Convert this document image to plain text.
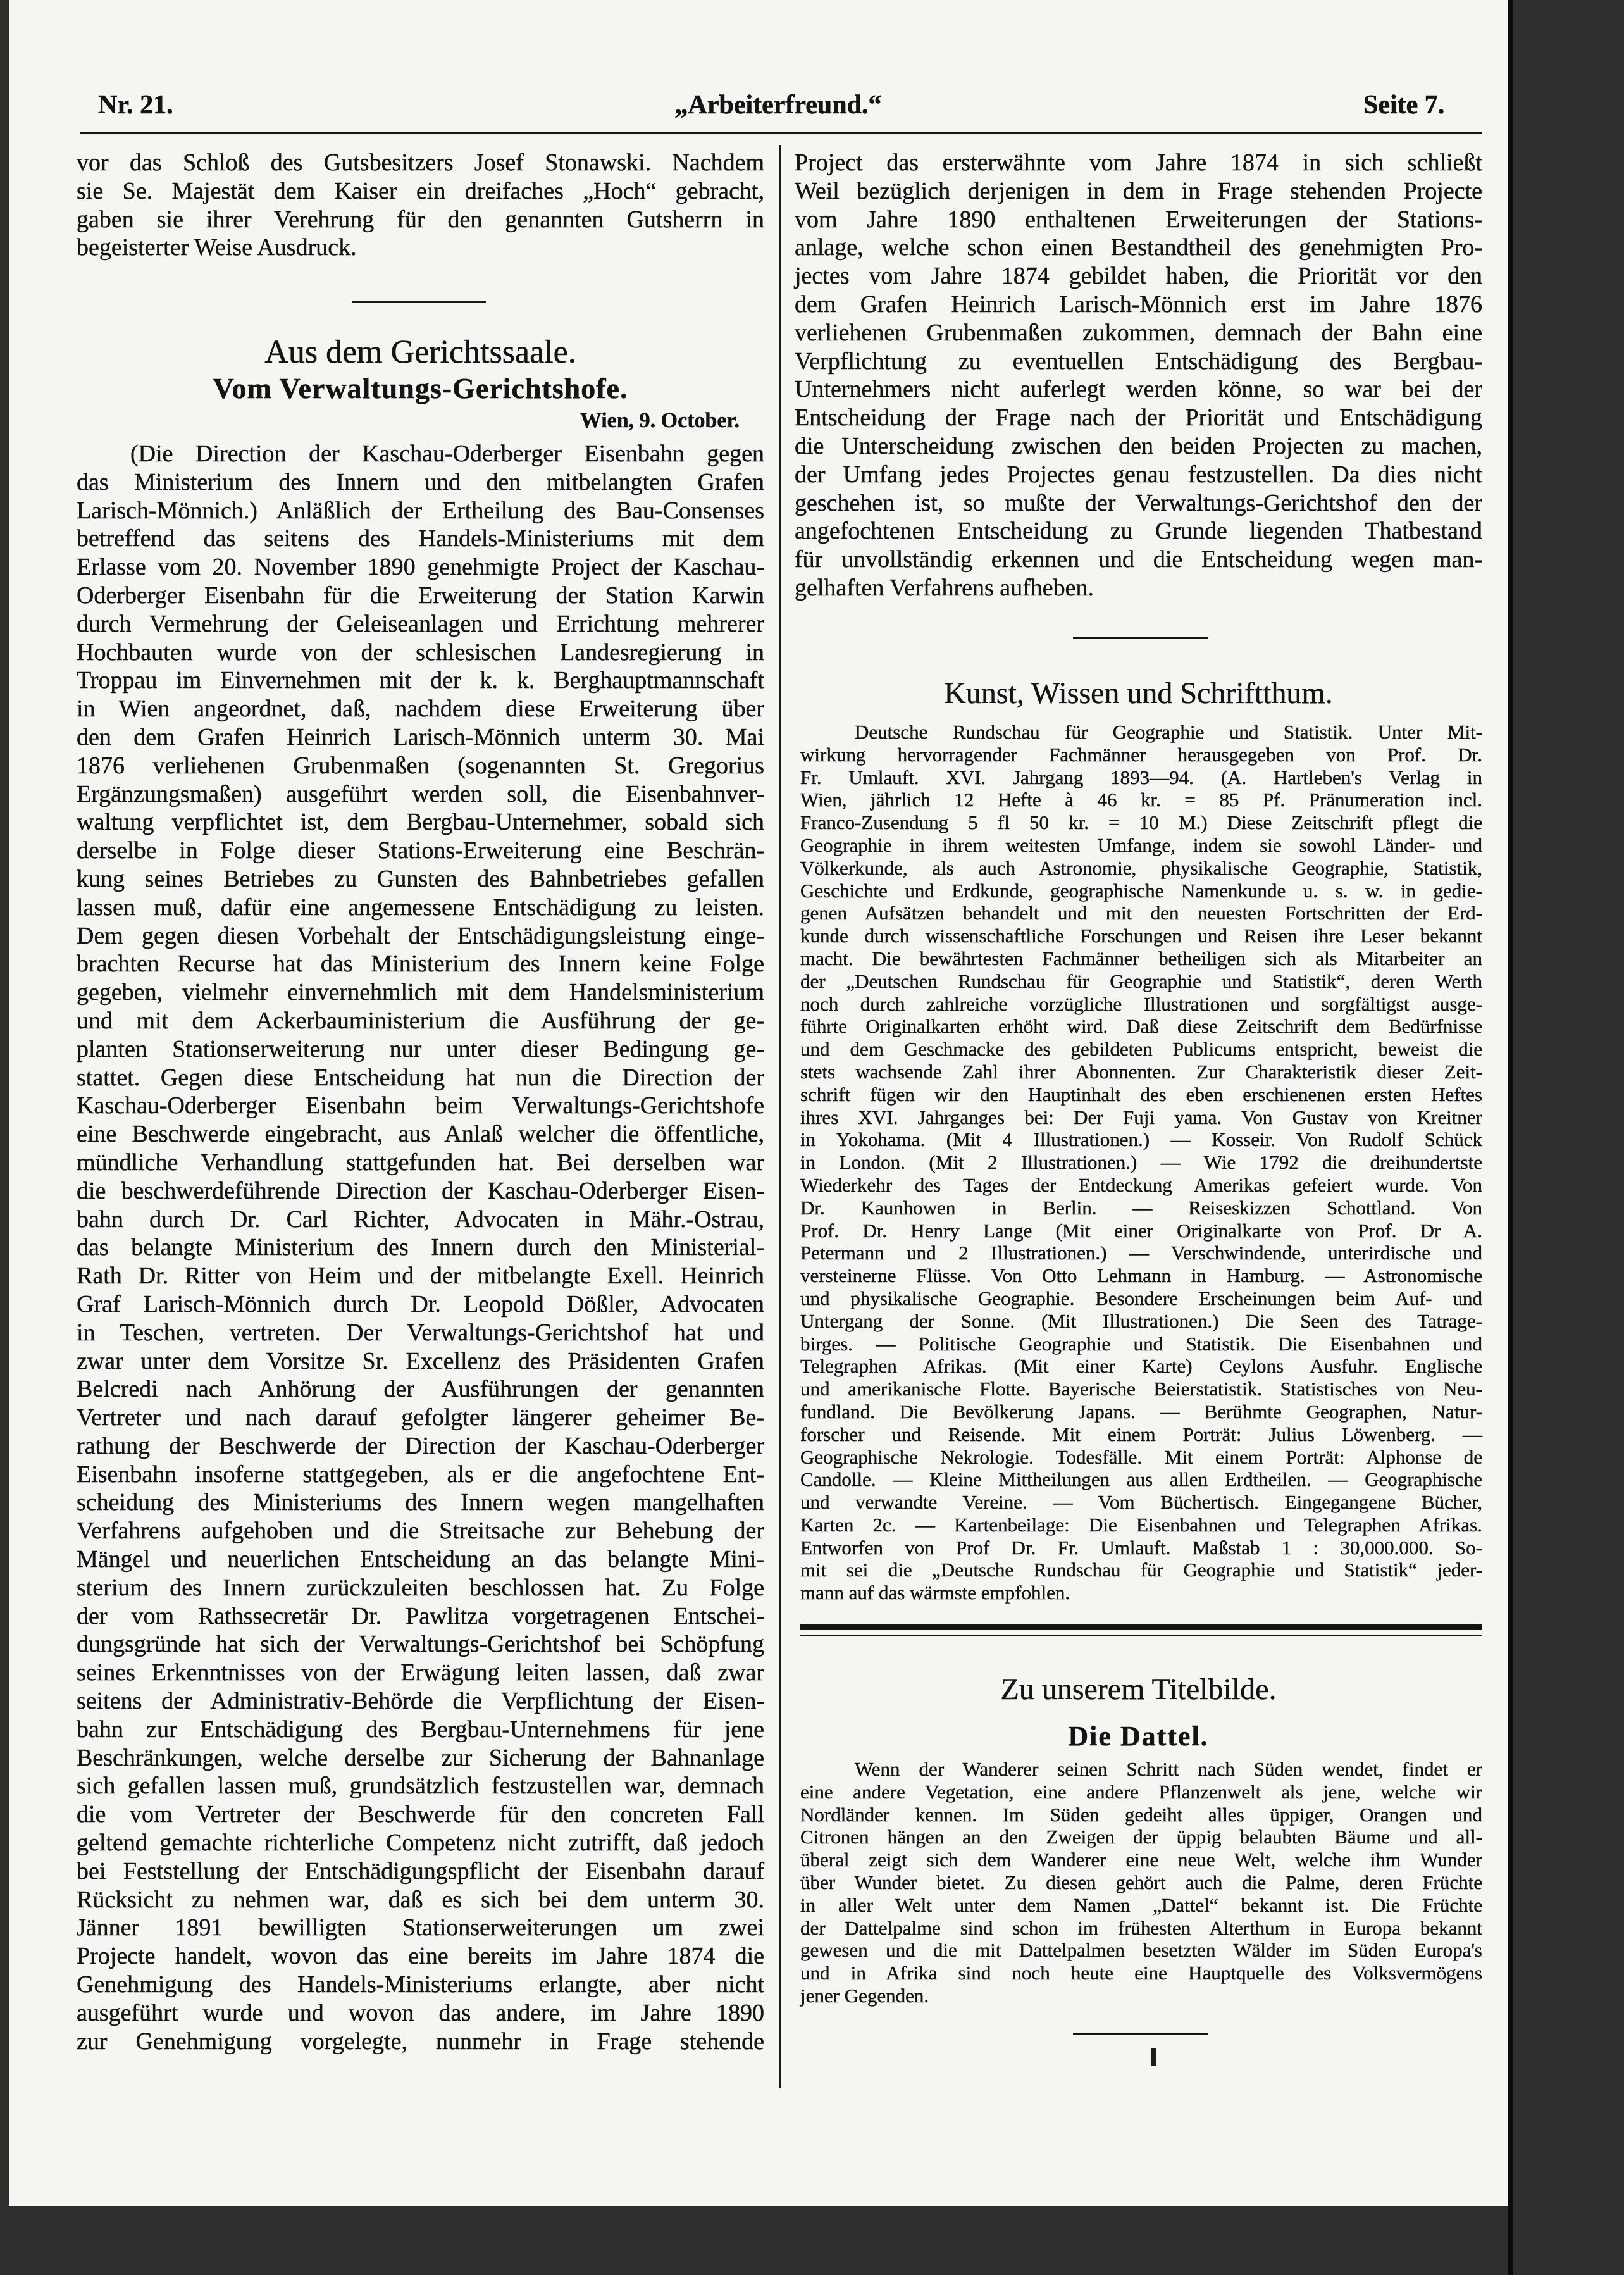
Nr. 21.	„Arbeiterfreund.“	Seite 7.
vor das Schloß des Gutsbesitzers Josef Stonawski. Nachdem
sie Se. Majestät dem Kaiser ein dreifaches „Hoch“ gebracht,
gaben sie ihrer Verehrung für den genannten Gutsherrn in
begeisterter Weise Ausdruck.
Aus dem Gerichtssaale.
Vom Verwaltungs-Gerichtshofe.
Wien, 9. October.
(Die Direction der Kaschau-Oderberger Eisenbahn gegen
das Ministerium des Innern und den mitbelangten Grafen
Larisch-Mönnich.) Anläßlich der Ertheilung des Bau-Consenses
betreffend das seitens des Handels-Ministeriums mit dem
Erlasse vom 20. November 1890 genehmigte Project der Kaschau-
Oderberger Eisenbahn für die Erweiterung der Station Karwin
durch Vermehrung der Geleiseanlagen und Errichtung mehrerer
Hochbauten wurde von der schlesischen Landesregierung in
Troppau im Einvernehmen mit der k. k. Berghauptmannschaft
in Wien angeordnet, daß, nachdem diese Erweiterung über
den dem Grafen Heinrich Larisch-Mönnich unterm 30. Mai
1876 verliehenen Grubenmaßen (sogenannten St. Gregorius
Ergänzungsmaßen) ausgeführt werden soll, die Eisenbahnver-
waltung verpflichtet ist, dem Bergbau-Unternehmer, sobald sich
derselbe in Folge dieser Stations-Erweiterung eine Beschrän-
kung seines Betriebes zu Gunsten des Bahnbetriebes gefallen
lassen muß, dafür eine angemessene Entschädigung zu leisten.
Dem gegen diesen Vorbehalt der Entschädigungsleistung einge-
brachten Recurse hat das Ministerium des Innern keine Folge
gegeben, vielmehr einvernehmlich mit dem Handelsministerium
und mit dem Ackerbauministerium die Ausführung der ge-
planten Stationserweiterung nur unter dieser Bedingung ge-
stattet. Gegen diese Entscheidung hat nun die Direction der
Kaschau-Oderberger Eisenbahn beim Verwaltungs-Gerichtshofe
eine Beschwerde eingebracht, aus Anlaß welcher die öffentliche,
mündliche Verhandlung stattgefunden hat. Bei derselben war
die beschwerdeführende Direction der Kaschau-Oderberger Eisen-
bahn durch Dr. Carl Richter, Advocaten in Mähr.-Ostrau,
das belangte Ministerium des Innern durch den Ministerial-
Rath Dr. Ritter von Heim und der mitbelangte Exell. Heinrich
Graf Larisch-Mönnich durch Dr. Leopold Dößler, Advocaten
in Teschen, vertreten. Der Verwaltungs-Gerichtshof hat und
zwar unter dem Vorsitze Sr. Excellenz des Präsidenten Grafen
Belcredi nach Anhörung der Ausführungen der genannten
Vertreter und nach darauf gefolgter längerer geheimer Be-
rathung der Beschwerde der Direction der Kaschau-Oderberger
Eisenbahn insoferne stattgegeben, als er die angefochtene Ent-
scheidung des Ministeriums des Innern wegen mangelhaften
Verfahrens aufgehoben und die Streitsache zur Behebung der
Mängel und neuerlichen Entscheidung an das belangte Mini-
sterium des Innern zurückzuleiten beschlossen hat. Zu Folge
der vom Rathssecretär Dr. Pawlitza vorgetragenen Entschei-
dungsgründe hat sich der Verwaltungs-Gerichtshof bei Schöpfung
seines Erkenntnisses von der Erwägung leiten lassen, daß zwar
seitens der Administrativ-Behörde die Verpflichtung der Eisen-
bahn zur Entschädigung des Bergbau-Unternehmens für jene
Beschränkungen, welche derselbe zur Sicherung der Bahnanlage
sich gefallen lassen muß, grundsätzlich festzustellen war, demnach
die vom Vertreter der Beschwerde für den concreten Fall
geltend gemachte richterliche Competenz nicht zutrifft, daß jedoch
bei Feststellung der Entschädigungspflicht der Eisenbahn darauf
Rücksicht zu nehmen war, daß es sich bei dem unterm 30.
Jänner 1891 bewilligten Stationserweiterungen um zwei
Projecte handelt, wovon das eine bereits im Jahre 1874 die
Genehmigung des Handels-Ministeriums erlangte, aber nicht
ausgeführt wurde und wovon das andere, im Jahre 1890
zur Genehmigung vorgelegte, nunmehr in Frage stehende
Project das ersterwähnte vom Jahre 1874 in sich schließt
Weil bezüglich derjenigen in dem in Frage stehenden Projecte
vom Jahre 1890 enthaltenen Erweiterungen der Stations-
anlage, welche schon einen Bestandtheil des genehmigten Pro-
jectes vom Jahre 1874 gebildet haben, die Priorität vor den
dem Grafen Heinrich Larisch-Mönnich erst im Jahre 1876
verliehenen Grubenmaßen zukommen, demnach der Bahn eine
Verpflichtung zu eventuellen Entschädigung des Bergbau-
Unternehmers nicht auferlegt werden könne, so war bei der
Entscheidung der Frage nach der Priorität und Entschädigung
die Unterscheidung zwischen den beiden Projecten zu machen,
der Umfang jedes Projectes genau festzustellen. Da dies nicht
geschehen ist, so mußte der Verwaltungs-Gerichtshof den der
angefochtenen Entscheidung zu Grunde liegenden Thatbestand
für unvollständig erkennen und die Entscheidung wegen man-
gelhaften Verfahrens aufheben.
Kunst, Wissen und Schriftthum.
Deutsche Rundschau für Geographie und Statistik. Unter Mit-
wirkung hervorragender Fachmänner herausgegeben von Prof. Dr.
Fr. Umlauft. XVI. Jahrgang 1893—94. (A. Hartleben's Verlag in
Wien, jährlich 12 Hefte à 46 kr. = 85 Pf. Pränumeration incl.
Franco-Zusendung 5 fl 50 kr. = 10 M.) Diese Zeitschrift pflegt die
Geographie in ihrem weitesten Umfange, indem sie sowohl Länder- und
Völkerkunde, als auch Astronomie, physikalische Geographie, Statistik,
Geschichte und Erdkunde, geographische Namenkunde u. s. w. in gedie-
genen Aufsätzen behandelt und mit den neuesten Fortschritten der Erd-
kunde durch wissenschaftliche Forschungen und Reisen ihre Leser bekannt
macht. Die bewährtesten Fachmänner betheiligen sich als Mitarbeiter an
der „Deutschen Rundschau für Geographie und Statistik“, deren Werth
noch durch zahlreiche vorzügliche Illustrationen und sorgfältigst ausge-
führte Originalkarten erhöht wird. Daß diese Zeitschrift dem Bedürfnisse
und dem Geschmacke des gebildeten Publicums entspricht, beweist die
stets wachsende Zahl ihrer Abonnenten. Zur Charakteristik dieser Zeit-
schrift fügen wir den Hauptinhalt des eben erschienenen ersten Heftes
ihres XVI. Jahrganges bei: Der Fuji yama. Von Gustav von Kreitner
in Yokohama. (Mit 4 Illustrationen.) — Kosseir. Von Rudolf Schück
in London. (Mit 2 Illustrationen.) — Wie 1792 die dreihundertste
Wiederkehr des Tages der Entdeckung Amerikas gefeiert wurde. Von
Dr. Kaunhowen in Berlin. — Reiseskizzen Schottland. Von
Prof. Dr. Henry Lange (Mit einer Originalkarte von Prof. Dr A.
Petermann und 2 Illustrationen.) — Verschwindende, unterirdische und
versteinerne Flüsse. Von Otto Lehmann in Hamburg. — Astronomische
und physikalische Geographie. Besondere Erscheinungen beim Auf- und
Untergang der Sonne. (Mit Illustrationen.) Die Seen des Tatrage-
birges. — Politische Geographie und Statistik. Die Eisenbahnen und
Telegraphen Afrikas. (Mit einer Karte) Ceylons Ausfuhr. Englische
und amerikanische Flotte. Bayerische Beierstatistik. Statistisches von Neu-
fundland. Die Bevölkerung Japans. — Berühmte Geographen, Natur-
forscher und Reisende. Mit einem Porträt: Julius Löwenberg. —
Geographische Nekrologie. Todesfälle. Mit einem Porträt: Alphonse de
Candolle. — Kleine Mittheilungen aus allen Erdtheilen. — Geographische
und verwandte Vereine. — Vom Büchertisch. Eingegangene Bücher,
Karten 2c. — Kartenbeilage: Die Eisenbahnen und Telegraphen Afrikas.
Entworfen von Prof Dr. Fr. Umlauft. Maßstab 1 : 30,000.000. So-
mit sei die „Deutsche Rundschau für Geographie und Statistik“ jeder-
mann auf das wärmste empfohlen.
Zu unserem Titelbilde.
Die Dattel.
Wenn der Wanderer seinen Schritt nach Süden wendet, findet er
eine andere Vegetation, eine andere Pflanzenwelt als jene, welche wir
Nordländer kennen. Im Süden gedeiht alles üppiger, Orangen und
Citronen hängen an den Zweigen der üppig belaubten Bäume und all-
überal zeigt sich dem Wanderer eine neue Welt, welche ihm Wunder
über Wunder bietet. Zu diesen gehört auch die Palme, deren Früchte
in aller Welt unter dem Namen „Dattel“ bekannt ist. Die Früchte
der Dattelpalme sind schon im frühesten Alterthum in Europa bekannt
gewesen und die mit Dattelpalmen besetzten Wälder im Süden Europa's
und in Afrika sind noch heute eine Hauptquelle des Volksvermögens
jener Gegenden.
